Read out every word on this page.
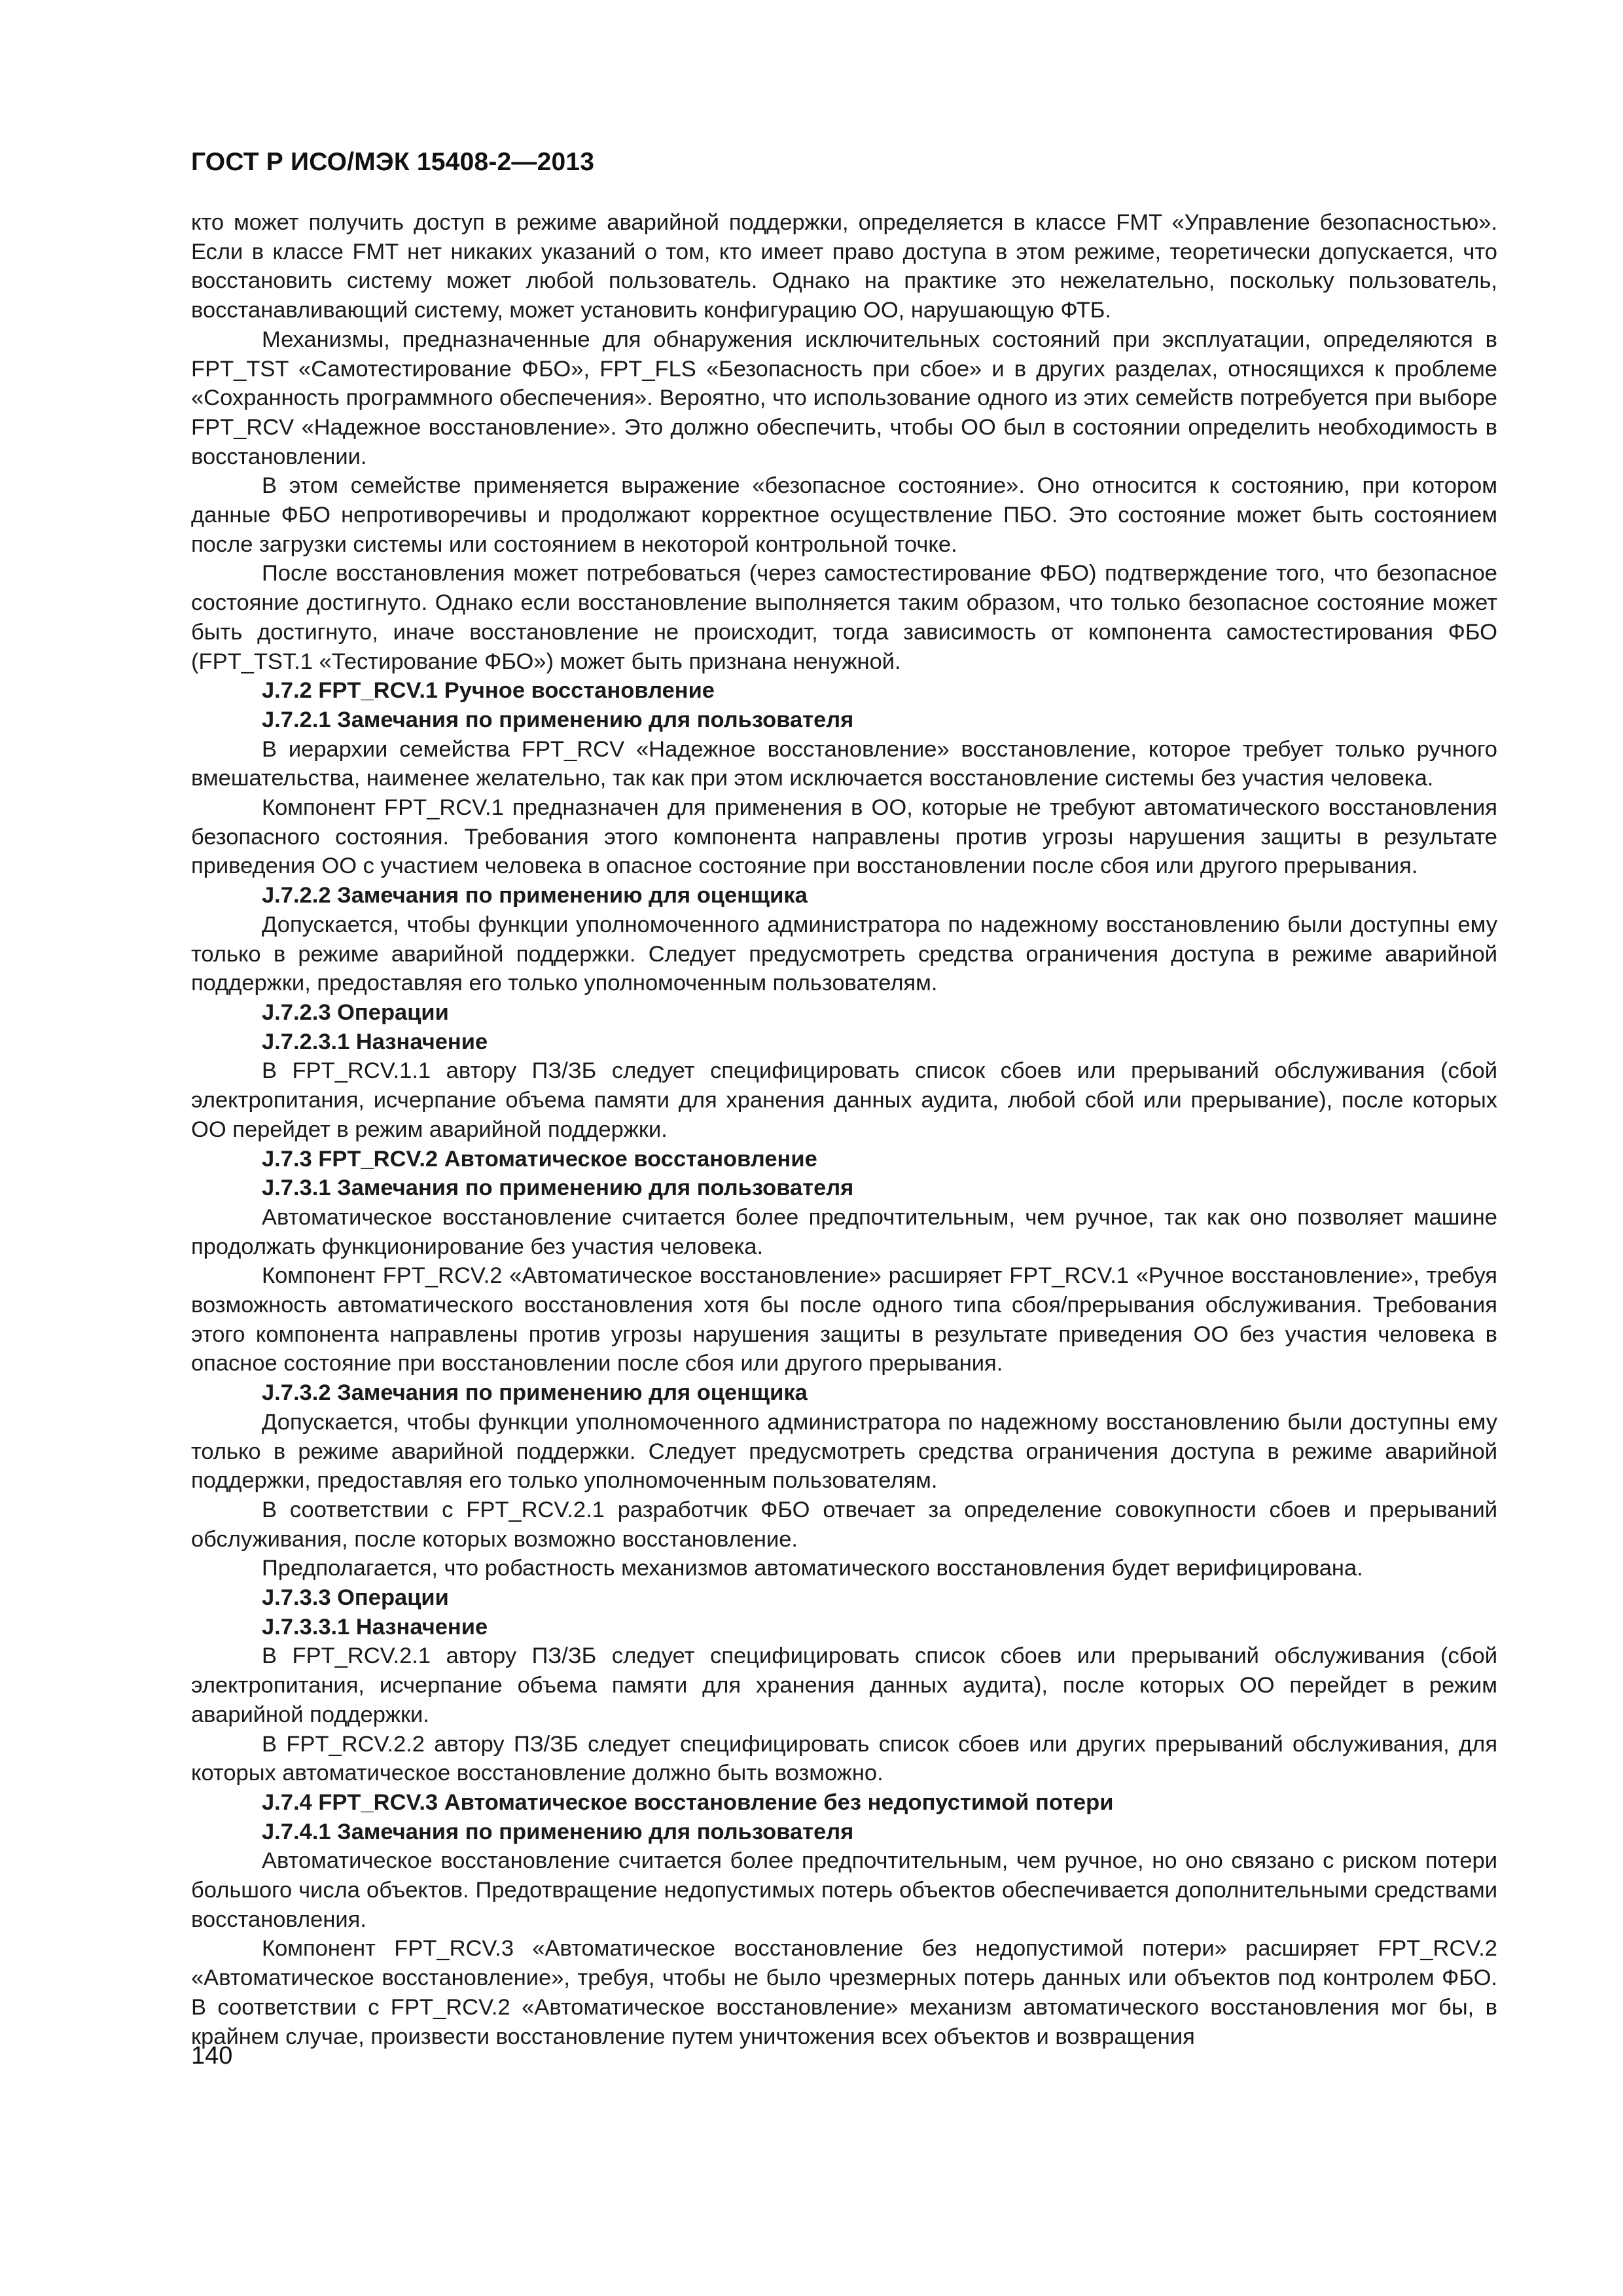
ГОСТ Р ИСО/МЭК 15408-2—2013

кто может получить доступ в режиме аварийной поддержки, определяется в классе FMT «Управление безопасностью». Если в классе FMT нет никаких указаний о том, кто имеет право доступа в этом режиме, теоретически допускается, что восстановить систему может любой пользователь. Однако на практике это нежелательно, поскольку пользователь, восстанавливающий систему, может установить конфигурацию ОО, нарушающую ФТБ.

Механизмы, предназначенные для обнаружения исключительных состояний при эксплуатации, определяются в FPT_TST «Самотестирование ФБО», FPT_FLS «Безопасность при сбое» и в других разделах, относящихся к проблеме «Сохранность программного обеспечения». Вероятно, что использование одного из этих семейств потребуется при выборе FPT_RCV «Надежное восстановление». Это должно обеспечить, чтобы ОО был в состоянии определить необходимость в восстановлении.

В этом семействе применяется выражение «безопасное состояние». Оно относится к состоянию, при котором данные ФБО непротиворечивы и продолжают корректное осуществление ПБО. Это состояние может быть состоянием после загрузки системы или состоянием в некоторой контрольной точке.

После восстановления может потребоваться (через самостестирование ФБО) подтверждение того, что безопасное состояние достигнуто. Однако если восстановление выполняется таким образом, что только безопасное состояние может быть достигнуто, иначе восстановление не происходит, тогда зависимость от компонента самостестирования ФБО (FPT_TST.1 «Тестирование ФБО») может быть признана ненужной.

J.7.2 FPT_RCV.1 Ручное восстановление
J.7.2.1 Замечания по применению для пользователя

В иерархии семейства FPT_RCV «Надежное восстановление» восстановление, которое требует только ручного вмешательства, наименее желательно, так как при этом исключается восстановление системы без участия человека.

Компонент FPT_RCV.1 предназначен для применения в ОО, которые не требуют автоматического восстановления безопасного состояния. Требования этого компонента направлены против угрозы нарушения защиты в результате приведения ОО с участием человека в опасное состояние при восстановлении после сбоя или другого прерывания.

J.7.2.2 Замечания по применению для оценщика

Допускается, чтобы функции уполномоченного администратора по надежному восстановлению были доступны ему только в режиме аварийной поддержки. Следует предусмотреть средства ограничения доступа в режиме аварийной поддержки, предоставляя его только уполномоченным пользователям.

J.7.2.3 Операции
J.7.2.3.1 Назначение

В FPT_RCV.1.1 автору ПЗ/ЗБ следует специфицировать список сбоев или прерываний обслуживания (сбой электропитания, исчерпание объема памяти для хранения данных аудита, любой сбой или прерывание), после которых ОО перейдет в режим аварийной поддержки.

J.7.3 FPT_RCV.2 Автоматическое восстановление
J.7.3.1 Замечания по применению для пользователя

Автоматическое восстановление считается более предпочтительным, чем ручное, так как оно позволяет машине продолжать функционирование без участия человека.

Компонент FPT_RCV.2 «Автоматическое восстановление» расширяет FPT_RCV.1 «Ручное восстановление», требуя возможность автоматического восстановления хотя бы после одного типа сбоя/прерывания обслуживания. Требования этого компонента направлены против угрозы нарушения защиты в результате приведения ОО без участия человека в опасное состояние при восстановлении после сбоя или другого прерывания.

J.7.3.2 Замечания по применению для оценщика

Допускается, чтобы функции уполномоченного администратора по надежному восстановлению были доступны ему только в режиме аварийной поддержки. Следует предусмотреть средства ограничения доступа в режиме аварийной поддержки, предоставляя его только уполномоченным пользователям.

В соответствии с FPT_RCV.2.1 разработчик ФБО отвечает за определение совокупности сбоев и прерываний обслуживания, после которых возможно восстановление.

Предполагается, что робастность механизмов автоматического восстановления будет верифицирована.

J.7.3.3 Операции
J.7.3.3.1 Назначение

В FPT_RCV.2.1 автору ПЗ/ЗБ следует специфицировать список сбоев или прерываний обслуживания (сбой электропитания, исчерпание объема памяти для хранения данных аудита), после которых ОО перейдет в режим аварийной поддержки.

В FPT_RCV.2.2 автору ПЗ/ЗБ следует специфицировать список сбоев или других прерываний обслуживания, для которых автоматическое восстановление должно быть возможно.

J.7.4 FPT_RCV.3 Автоматическое восстановление без недопустимой потери
J.7.4.1 Замечания по применению для пользователя

Автоматическое восстановление считается более предпочтительным, чем ручное, но оно связано с риском потери большого числа объектов. Предотвращение недопустимых потерь объектов обеспечивается дополнительными средствами восстановления.

Компонент FPT_RCV.3 «Автоматическое восстановление без недопустимой потери» расширяет FPT_RCV.2 «Автоматическое восстановление», требуя, чтобы не было чрезмерных потерь данных или объектов под контролем ФБО. В соответствии с FPT_RCV.2 «Автоматическое восстановление» механизм автоматического восстановления мог бы, в крайнем случае, произвести восстановление путем уничтожения всех объектов и возвращения

140
